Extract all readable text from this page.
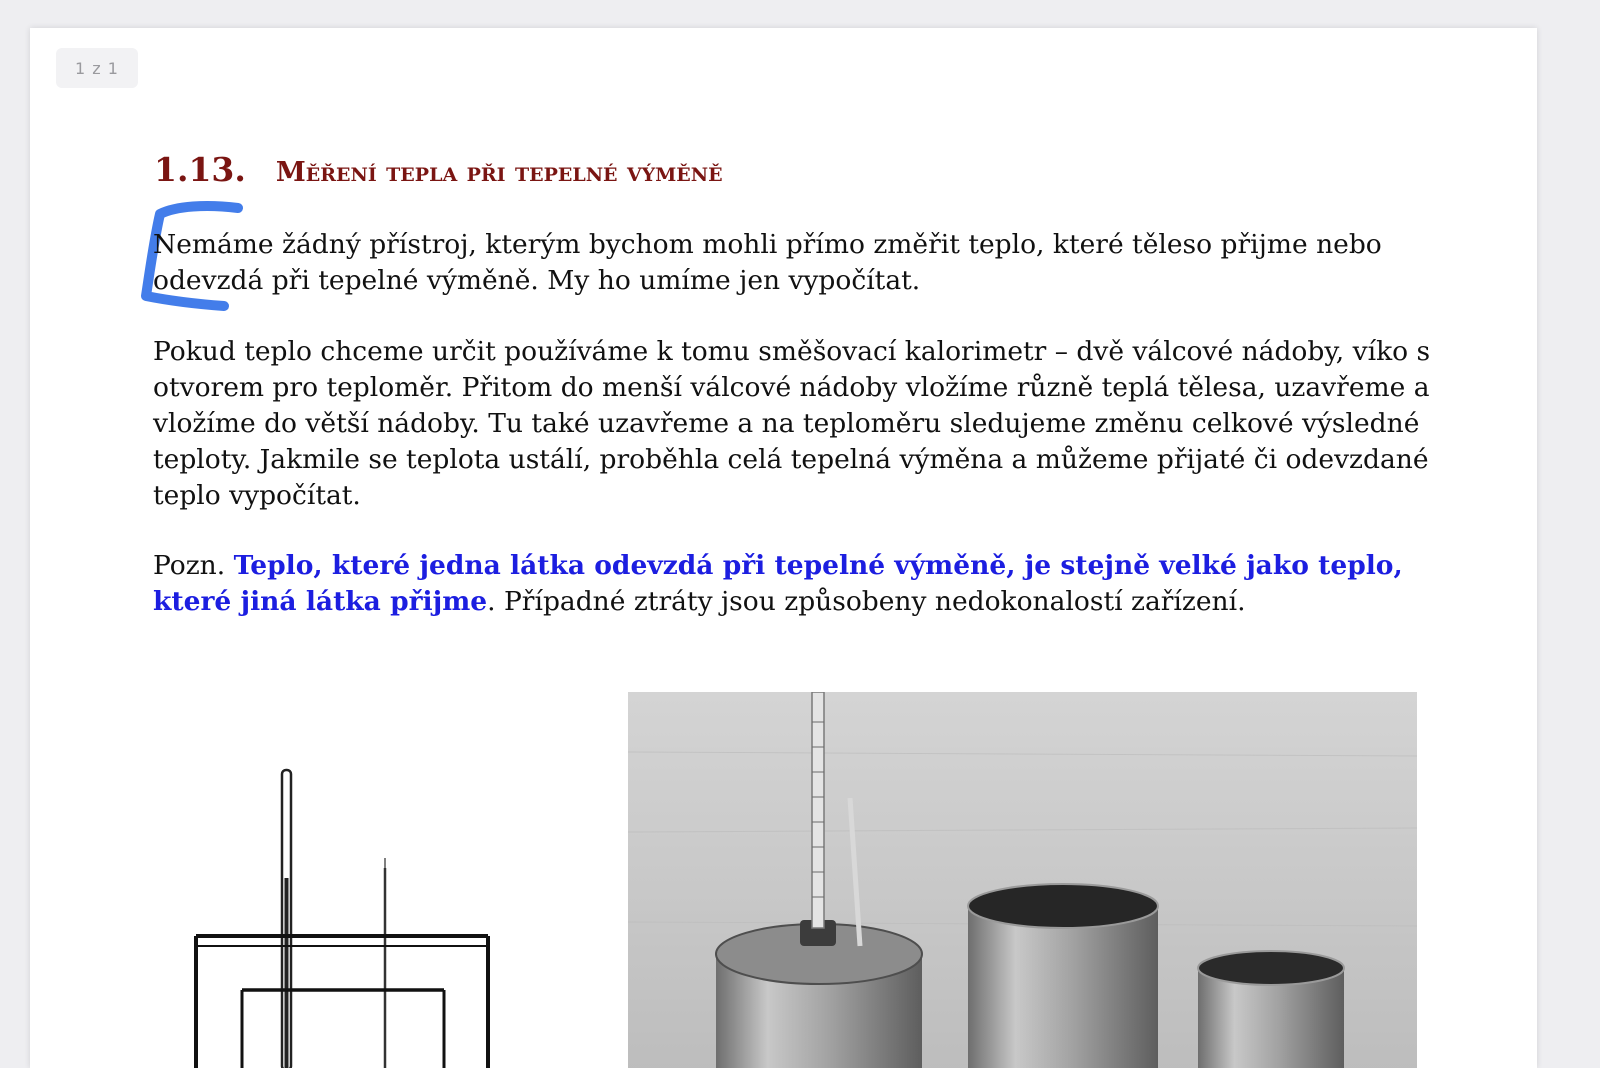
1 z 1
1.13. Měření tepla při tepelné výměně

Nemáme žádný přístroj, kterým bychom mohli přímo změřit teplo, které těleso přijme nebo odevzdá při tepelné výměně. My ho umíme jen vypočítat.

Pokud teplo chceme určit používáme k tomu směšovací kalorimetr – dvě válcové nádoby, víko s otvorem pro teploměr. Přitom do menší válcové nádoby vložíme různě teplá tělesa, uzavřeme a vložíme do větší nádoby. Tu také uzavřeme a na teploměru sledujeme změnu celkové výsledné teploty. Jakmile se teplota ustálí, proběhla celá tepelná výměna a můžeme přijaté či odevzdané teplo vypočítat.

Pozn. Teplo, které jedna látka odevzdá při tepelné výměně, je stejně velké jako teplo, které jiná látka přijme. Případné ztráty jsou způsobeny nedokonalostí zařízení.
